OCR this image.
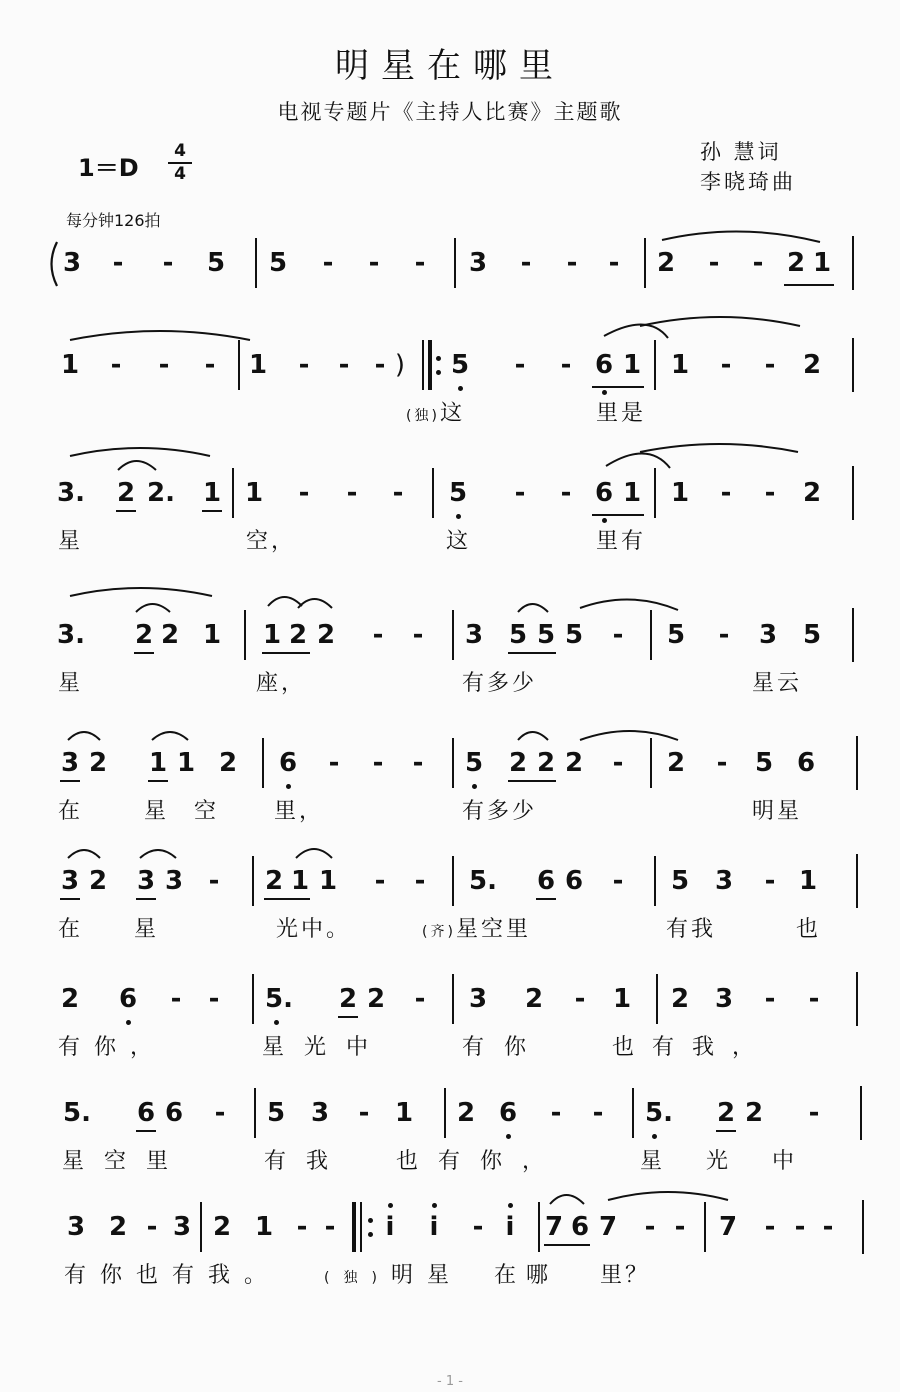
明星在哪里
电视专题片《主持人比赛》主题歌
孙 慧词
李晓琦曲
1＝D
4
4
每分钟126拍
3 - - 5 5 - - - 3 - - - 2 - - 2 1
1 - - - 1 - - - )	5 - - 6 1 1 - - 2
(独)这	里是
3. 2 2. 1 1 - - - 5 - - 6 1 1 - - 2
星	空，	这	里有
3. 2 2 1 1 2 2 - - 3 5 5 5 - 5 - 3 5
星	座，	有多少	星云
3 2 1 1 2 6 - - - 5 2 2 2 - 2 - 5 6
在	星空 里，	有多少	明星
3 2 3 3 - 2 1 1 - - 5. 6 6 - 5 3 - 1
在 星	光中。	(齐)星空里	有我	也
2 6 - - 5. 2 2 - 3 2 - 1 2 3 - -
有你，	星光中	有你	也有我，
5. 6 6 - 5 3 - 1 2 6 - - 5. 2 2 -
星空里	有我 也有你，	星光中
3 2 - 3 2 1 - -	i	i	- i	7 6 7 - - 7 - - -
有你也有我。	(独)明星 在哪 里？
- 1 -
